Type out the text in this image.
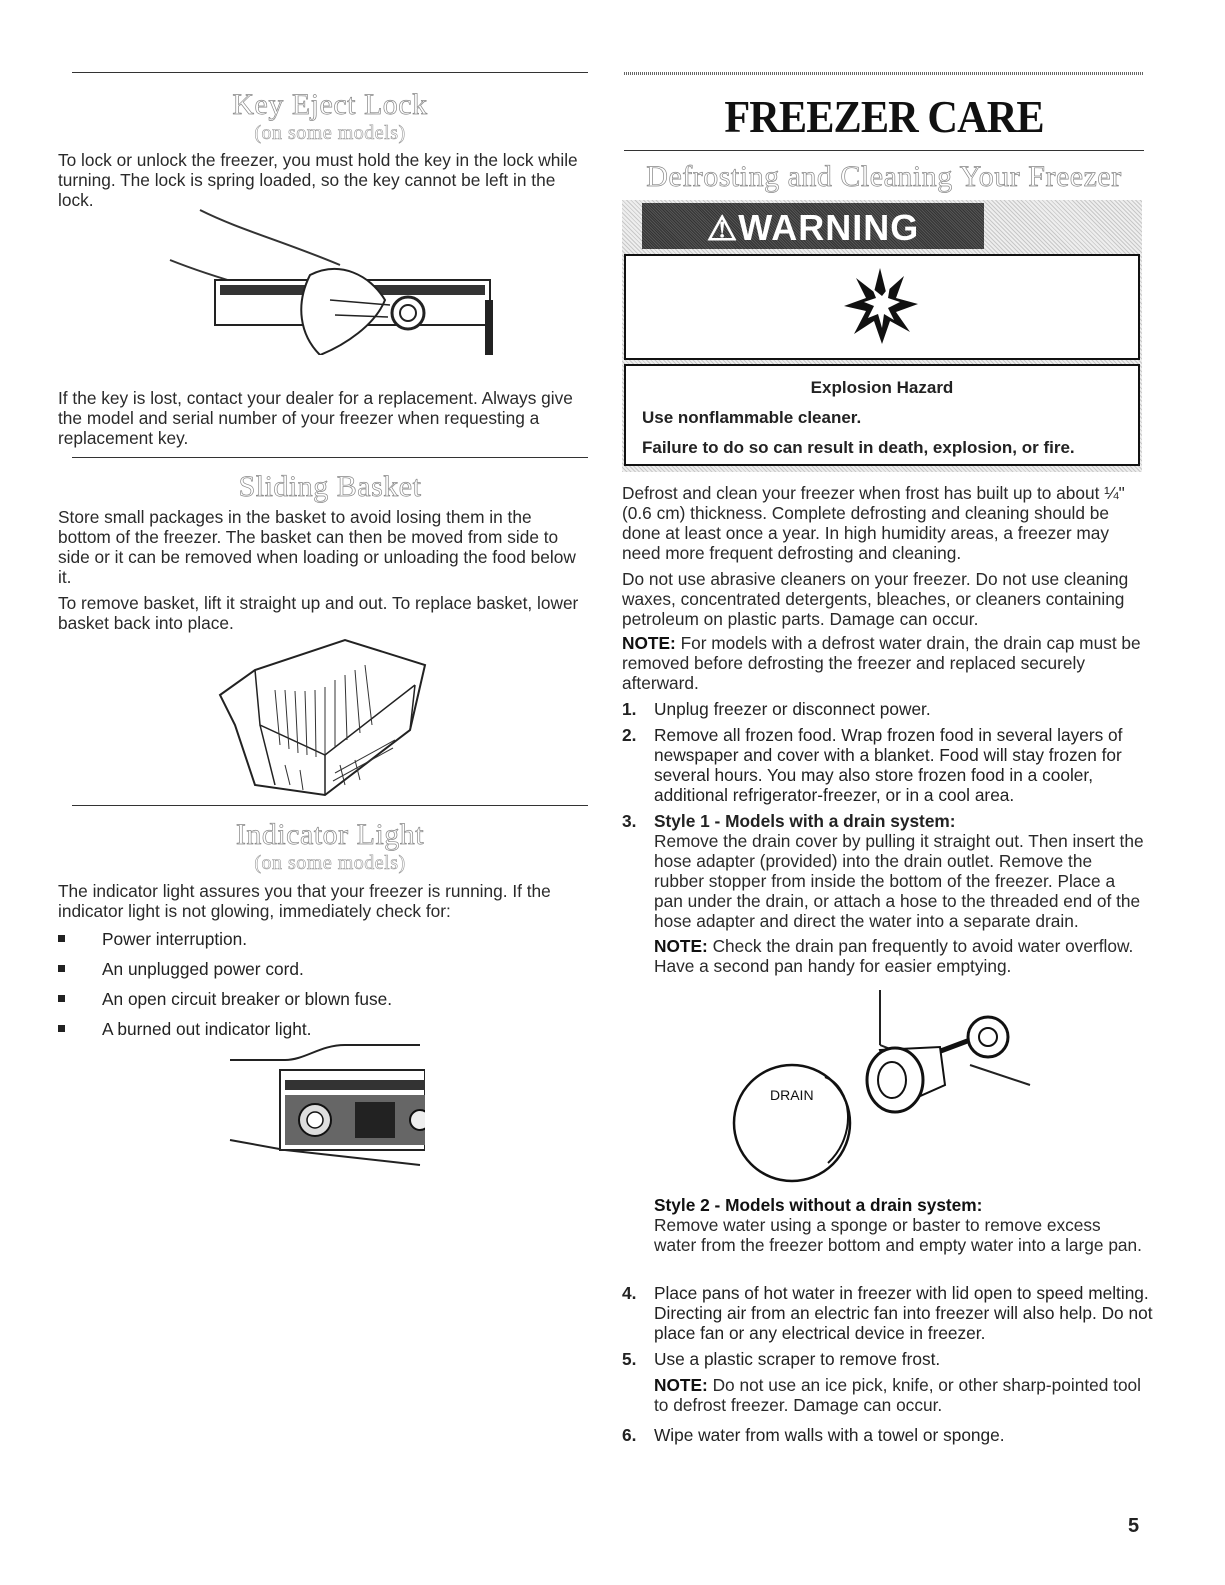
Key Eject Lock
(on some models)
To lock or unlock the freezer, you must hold the key in the lock while turning. The lock is spring loaded, so the key cannot be left in the lock.
If the key is lost, contact your dealer for a replacement. Always give the model and serial number of your freezer when requesting a replacement key.
Sliding Basket
Store small packages in the basket to avoid losing them in the bottom of the freezer. The basket can then be moved from side to side or it can be removed when loading or unloading the food below it.
To remove basket, lift it straight up and out. To replace basket, lower basket back into place.
Indicator Light
(on some models)
The indicator light assures you that your freezer is running. If the indicator light is not glowing, immediately check for:
Power interruption.
An unplugged power cord.
An open circuit breaker or blown fuse.
A burned out indicator light.
FREEZER CARE
Defrosting and Cleaning Your Freezer
⚠WARNING
Explosion Hazard
Use nonflammable cleaner.
Failure to do so can result in death, explosion, or fire.
Defrost and clean your freezer when frost has built up to about ¼" (0.6 cm) thickness. Complete defrosting and cleaning should be done at least once a year. In high humidity areas, a freezer may need more frequent defrosting and cleaning.
Do not use abrasive cleaners on your freezer. Do not use cleaning waxes, concentrated detergents, bleaches, or cleaners containing petroleum on plastic parts. Damage can occur.
NOTE: For models with a defrost water drain, the drain cap must be removed before defrosting the freezer and replaced securely afterward.
1. Unplug freezer or disconnect power.
2. Remove all frozen food. Wrap frozen food in several layers of newspaper and cover with a blanket. Food will stay frozen for several hours. You may also store frozen food in a cooler, additional refrigerator-freezer, or in a cool area.
3. Style 1 - Models with a drain system:
Remove the drain cover by pulling it straight out. Then insert the hose adapter (provided) into the drain outlet. Remove the rubber stopper from inside the bottom of the freezer. Place a pan under the drain, or attach a hose to the threaded end of the hose adapter and direct the water into a separate drain.
NOTE: Check the drain pan frequently to avoid water overflow. Have a second pan handy for easier emptying.
DRAIN
Style 2 - Models without a drain system:
Remove water using a sponge or baster to remove excess water from the freezer bottom and empty water into a large pan.
4. Place pans of hot water in freezer with lid open to speed melting. Directing air from an electric fan into freezer will also help. Do not place fan or any electrical device in freezer.
5. Use a plastic scraper to remove frost.
NOTE: Do not use an ice pick, knife, or other sharp-pointed tool to defrost freezer. Damage can occur.
6. Wipe water from walls with a towel or sponge.
5
